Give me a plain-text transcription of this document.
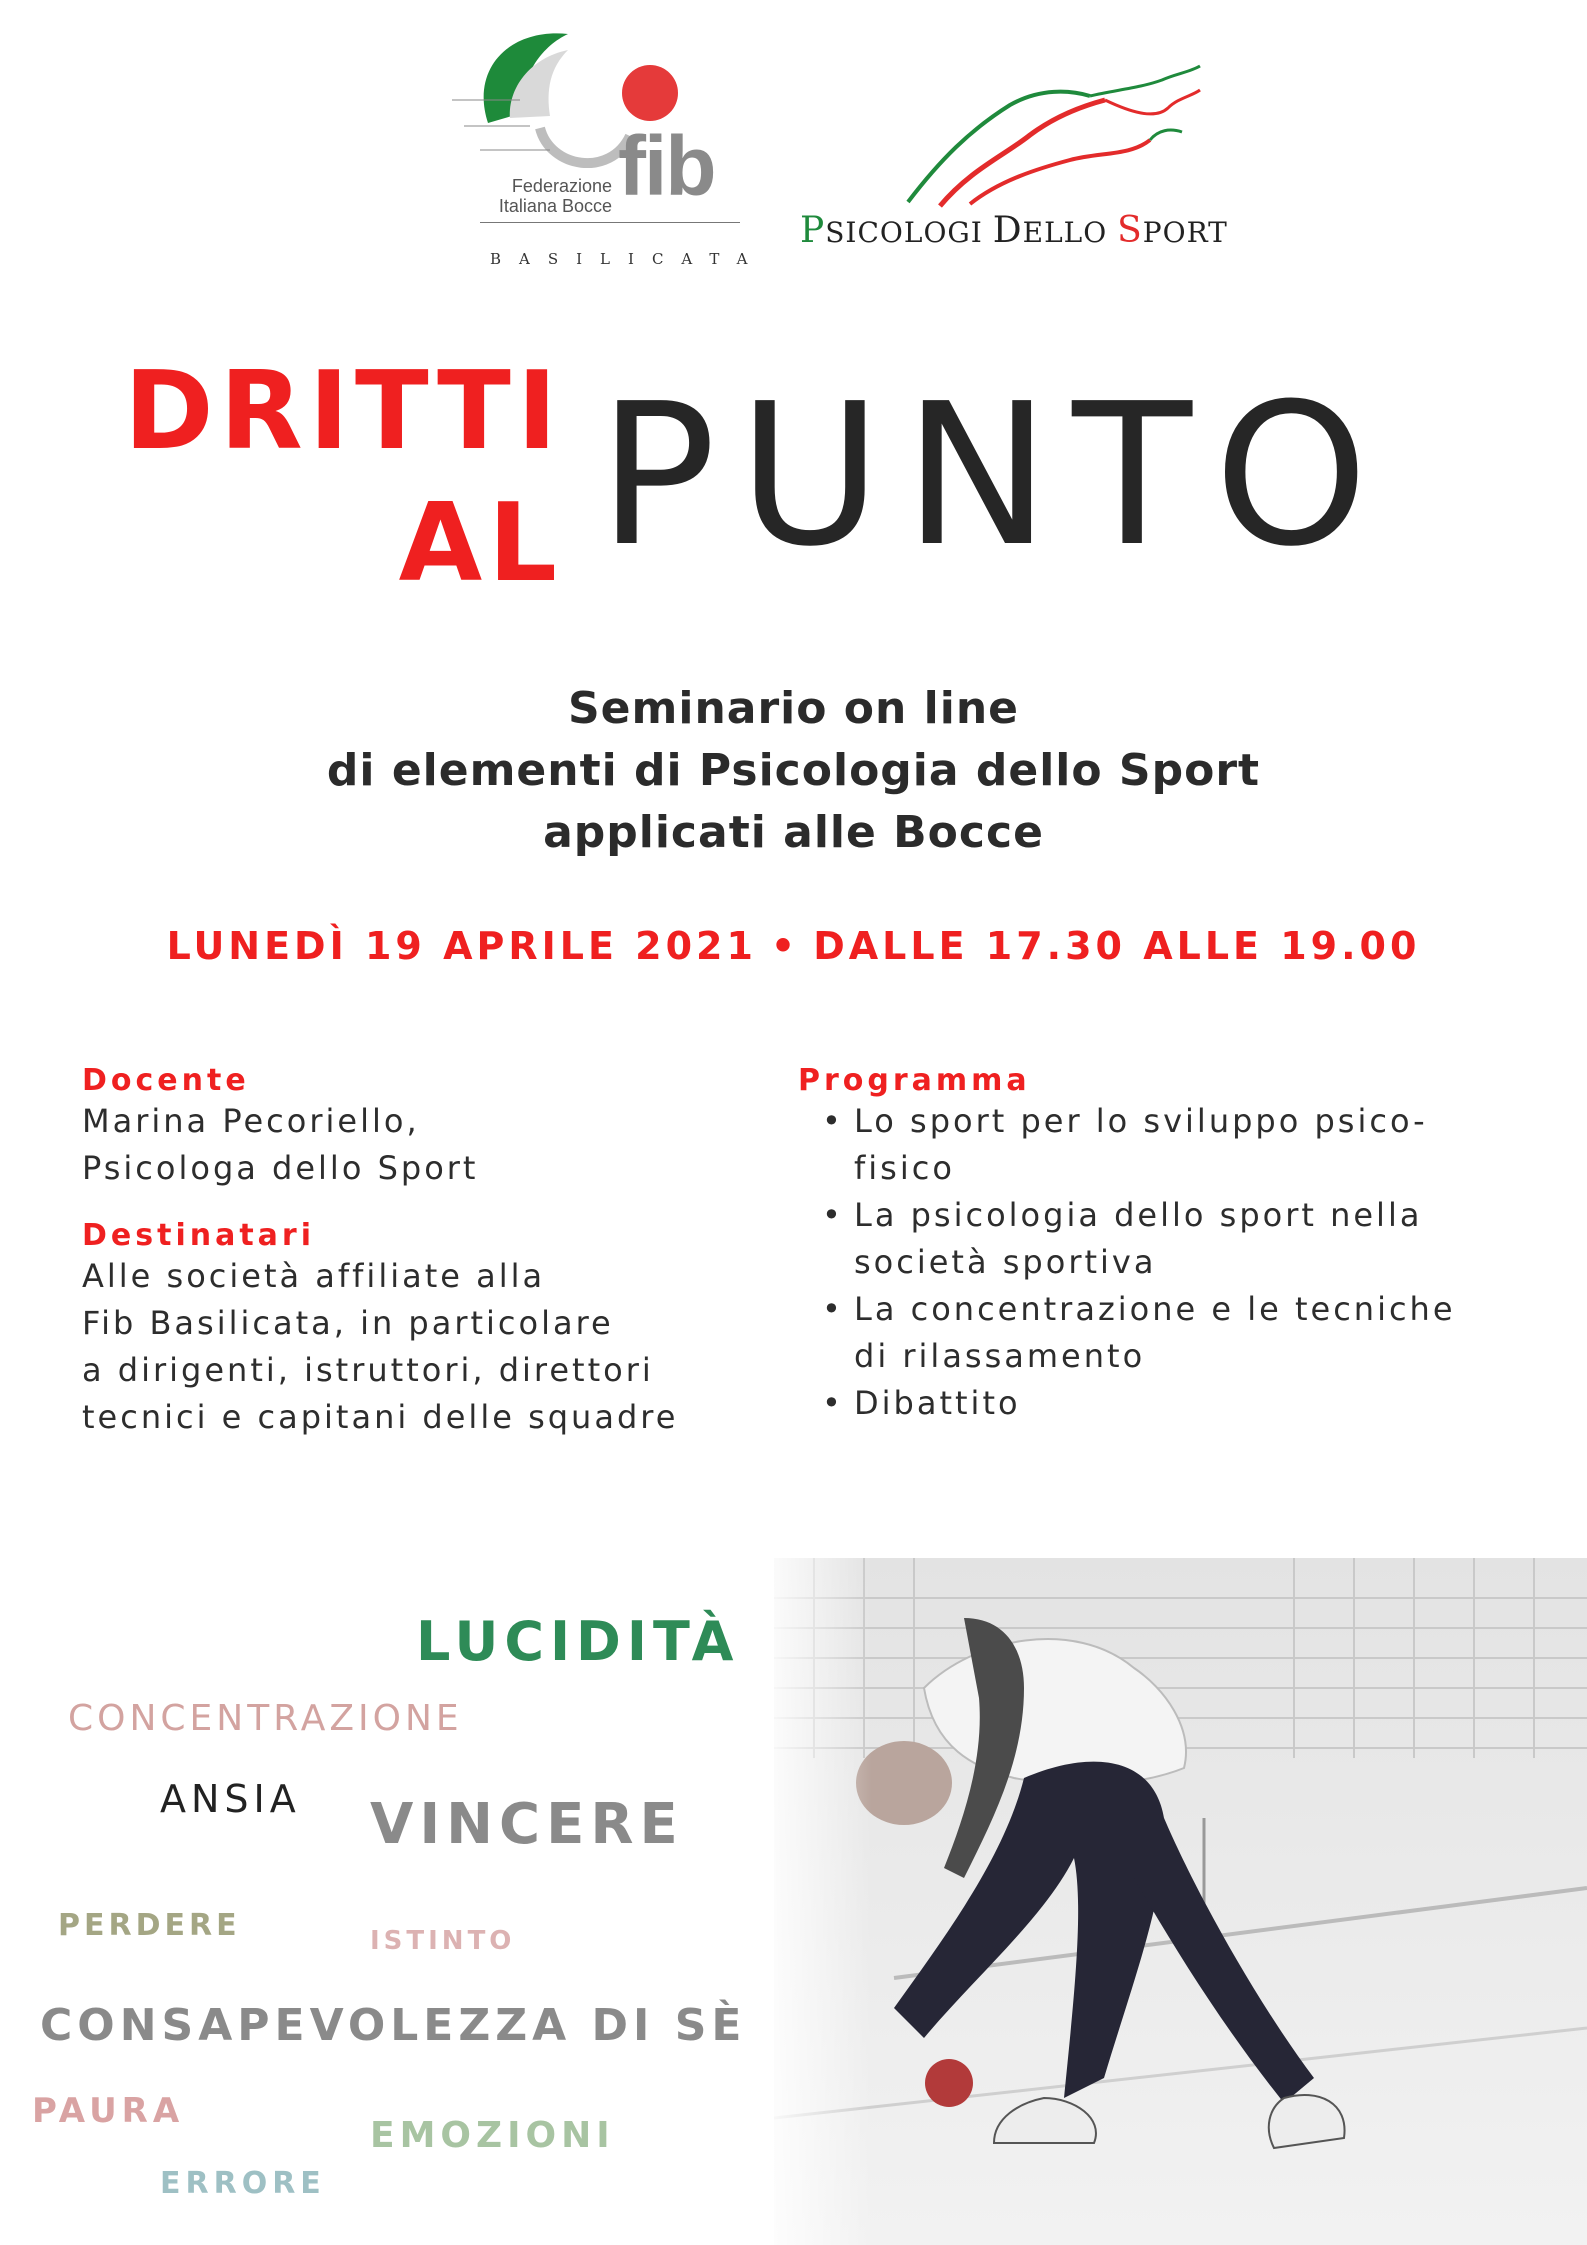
fib
Federazione
Italiana Bocce
BASILICATA
PSICOLOGI DELLO SPORT
DRITTI
AL PUNTO
Seminario on line
di elementi di Psicologia dello Sport
applicati alle Bocce
LUNEDÌ 19 APRILE 2021 • DALLE 17.30 ALLE 19.00
Docente
Marina Pecoriello,
Psicologa dello Sport
Destinatari
Alle società affiliate alla
Fib Basilicata, in particolare
a dirigenti, istruttori, direttori
tecnici e capitani delle squadre
Programma
• Lo sport per lo sviluppo psico-
fisico
• La psicologia dello sport nella
società sportiva
• La concentrazione e le tecniche
di rilassamento
• Dibattito
LUCIDITÀ
CONCENTRAZIONE
ANSIA VINCERE
PERDERE	ISTINTO
CONSAPEVOLEZZA DI SÈ
PAURA
EMOZIONI
ERRORE
